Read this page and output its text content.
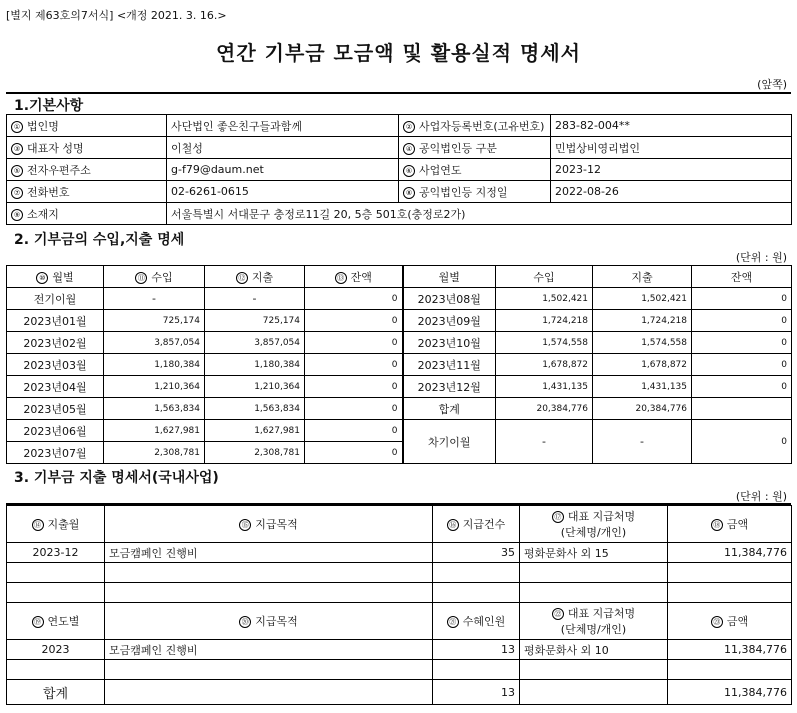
[별지 제63호의7서식] <개정 2021. 3. 16.>
연간 기부금 모금액 및 활용실적 명세서
(앞쪽)
1.기본사항
① 법인명	사단법인 좋은친구들과함께	② 사업자등록번호(고유번호)	283-82-004**
③ 대표자 성명	이철성	④ 공익법인등 구분	민법상비영리법인
⑤ 전자우편주소	g-f79@daum.net	⑥ 사업연도	2023-12
⑦ 전화번호	02-6261-0615	⑧ 공익법인등 지정일	2022-08-26
⑨ 소재지	서울특별시 서대문구 충정로11길 20, 5층 501호(충정로2가)		
2. 기부금의 수입,지출 명세
(단위 : 원)
⑩ 월별	⑪ 수입	⑫ 지출	⑬ 잔액	월별	수입	지출	잔액
전기이월	-	-	0	2023년08월	1,502,421	1,502,421	0
2023년01월	725,174	725,174	0	2023년09월	1,724,218	1,724,218	0
2023년02월	3,857,054	3,857,054	0	2023년10월	1,574,558	1,574,558	0
2023년03월	1,180,384	1,180,384	0	2023년11월	1,678,872	1,678,872	0
2023년04월	1,210,364	1,210,364	0	2023년12월	1,431,135	1,431,135	0
2023년05월	1,563,834	1,563,834	0	합계	20,384,776	20,384,776	
2023년06월	1,627,981	1,627,981	0	차기이월	-	-	0
2023년07월	2,308,781	2,308,781	0				
3. 기부금 지출 명세서(국내사업)
(단위 : 원)
⑭ 지출월	⑮ 지급목적	⑯ 지급건수	⑰ 대표 지급처명
(단체명/개인)	⑱ 금액
2023-12	모금캠페인 진행비	35	평화문화사 외 15	11,384,776

⑲ 연도별	⑳ 지급목적	㉑ 수혜인원	㉒ 대표 지급처명
(단체명/개인)	㉓ 금액
2023	모금캠페인 진행비	13	평화문화사 외 10	11,384,776

합계		13		11,384,776
